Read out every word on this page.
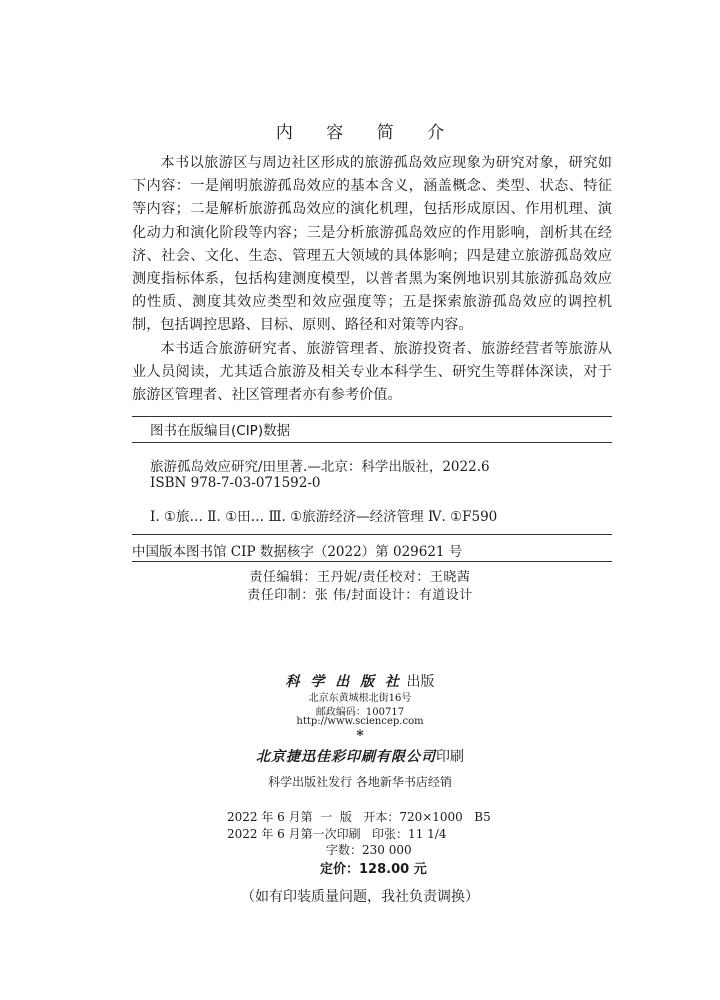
内 容 简 介

本书以旅游区与周边社区形成的旅游孤岛效应现象为研究对象，研究如下内容：一是阐明旅游孤岛效应的基本含义，涵盖概念、类型、状态、特征等内容；二是解析旅游孤岛效应的演化机理，包括形成原因、作用机理、演化动力和演化阶段等内容；三是分析旅游孤岛效应的作用影响，剖析其在经济、社会、文化、生态、管理五大领域的具体影响；四是建立旅游孤岛效应测度指标体系，包括构建测度模型，以普者黑为案例地识别其旅游孤岛效应的性质、测度其效应类型和效应强度等；五是探索旅游孤岛效应的调控机制，包括调控思路、目标、原则、路径和对策等内容。

本书适合旅游研究者、旅游管理者、旅游投资者、旅游经营者等旅游从业人员阅读，尤其适合旅游及相关专业本科学生、研究生等群体深读，对于旅游区管理者、社区管理者亦有参考价值。

图书在版编目(CIP)数据
旅游孤岛效应研究/田里著.—北京：科学出版社，2022.6
ISBN 978-7-03-071592-0
Ⅰ. ①旅… Ⅱ. ①田… Ⅲ. ①旅游经济—经济管理 Ⅳ. ①F590
中国版本图书馆 CIP 数据核字（2022）第 029621 号
责任编辑：王丹妮/责任校对：王晓茜
责任印制：张 伟/封面设计：有道设计
科 学 出 版 社 出版
北京东黄城根北街16号
邮政编码：100717
http://www.sciencep.com
*
北京捷迅佳彩印刷有限公司印刷
科学出版社发行 各地新华书店经销
2022 年 6 月第  一  版   开本：720×1000   B5
2022 年 6 月第一次印刷   印张：11 1/4
字数：230 000
定价：128.00 元
（如有印装质量问题，我社负责调换）
